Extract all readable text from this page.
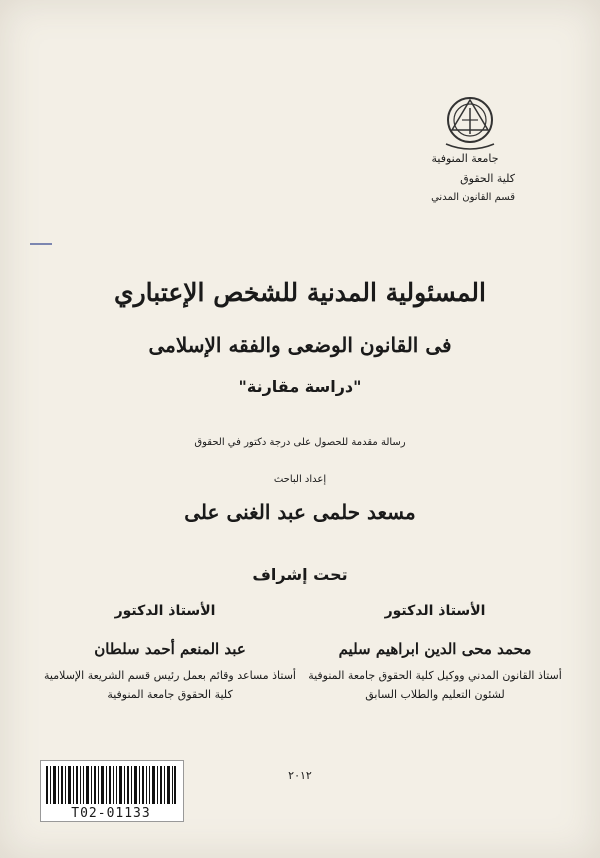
جامعة المنوفية
كلية الحقوق
قسم القانون المدني
المسئولية المدنية للشخص الإعتباري
فى القانون الوضعى والفقه الإسلامى
"دراسة مقارنة"
رسالة مقدمة للحصول على درجة دكتور في الحقوق
إعداد الباحث
مسعد حلمى عبد الغنى على
تحت إشراف
الأستاذ الدكتور
الأستاذ الدكتور
محمد محى الدين ابراهيم سليم
عبد المنعم أحمد سلطان
أستاذ القانون المدني ووكيل كلية الحقوق جامعة المنوفية لشئون التعليم والطلاب السابق
أستاذ مساعد وقائم بعمل رئيس قسم الشريعة الإسلامية كلية الحقوق جامعة المنوفية
٢٠١٢
T02-01133
